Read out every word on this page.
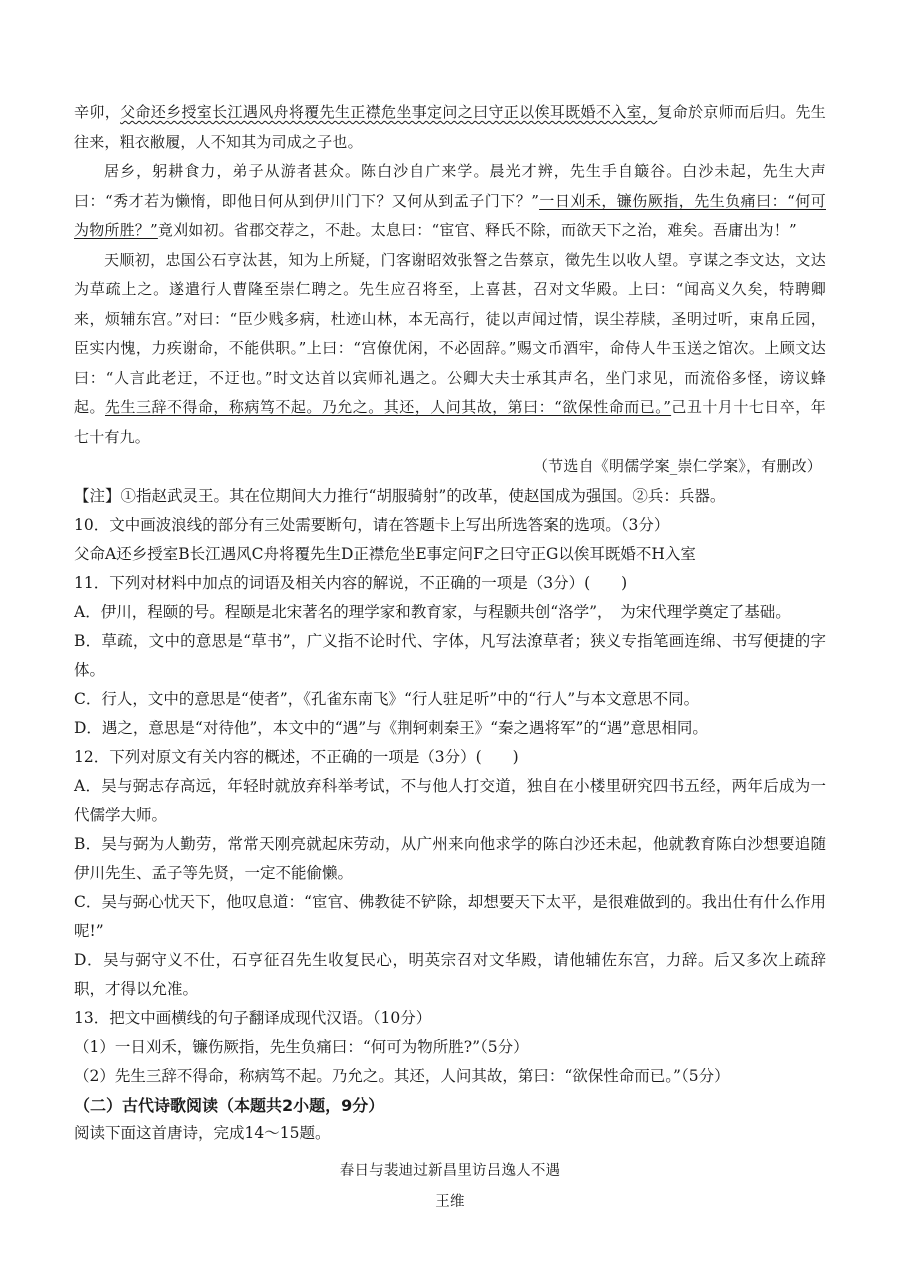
辛卯，父命还乡授室长江遇风舟将覆先生正襟危坐事定问之曰守正以俟耳既婚不入室，复命於京师而后归。先生往来，粗衣敝履，人不知其为司成之子也。

居乡，躬耕食力，弟子从游者甚众。陈白沙自广来学。晨光才辨，先生手自簸谷。白沙未起，先生大声曰：“秀才若为懒惰，即他日何从到伊川门下？又何从到孟子门下？”一日刈禾，镰伤厥指，先生负痛曰：“何可为物所胜？”竟刈如初。省郡交荐之，不赴。太息曰：“宦官、释氏不除，而欲天下之治，难矣。吾庸出为！”

天顺初，忠国公石亨汰甚，知为上所疑，门客谢昭效张詧之告蔡京，徵先生以收人望。亨谋之李文达，文达为草疏上之。遂遣行人曹隆至崇仁聘之。先生应召将至，上喜甚，召对文华殿。上曰：“闻高义久矣，特聘卿来，烦辅东宫。”对曰：“臣少贱多病，杜迹山林，本无高行，徒以声闻过情，误尘荐牍，圣明过听，束帛丘园，臣实内愧，力疾谢命，不能供职。”上曰：“宫僚优闲，不必固辞。”赐文币酒牢，命侍人牛玉送之馆次。上顾文达曰：“人言此老迂，不迂也。”时文达首以宾师礼遇之。公卿大夫士承其声名，坐门求见，而流俗多怪，谤议蜂起。先生三辞不得命，称病笃不起。乃允之。其还，人问其故，第曰：“欲保性命而已。”己丑十月十七日卒，年七十有九。

（节选自《明儒学案_崇仁学案》，有删改）

【注】①指赵武灵王。其在位期间大力推行“胡服骑射”的改革，使赵国成为强国。②兵：兵器。

10．文中画波浪线的部分有三处需要断句，请在答题卡上写出所选答案的选项。（3分）

父命A还乡授室B长江遇风C舟将覆先生D正襟危坐E事定问F之曰守正G以俟耳既婚不H入室

11．下列对材料中加点的词语及相关内容的解说，不正确的一项是（3分）(　　)

A．伊川，程颐的号。程颐是北宋著名的理学家和教育家，与程颢共创“洛学”，　为宋代理学奠定了基础。

B．草疏，文中的意思是“草书”，广义指不论时代、字体，凡写法潦草者；狭义专指笔画连绵、书写便捷的字体。

C．行人，文中的意思是“使者”，《孔雀东南飞》“行人驻足听”中的“行人”与本文意思不同。

D．遇之，意思是“对待他”，本文中的“遇”与《荆轲刺秦王》“秦之遇将军”的“遇”意思相同。

12．下列对原文有关内容的概述，不正确的一项是（3分）(　　)

A．吴与弼志存高远，年轻时就放弃科举考试，不与他人打交道，独自在小楼里研究四书五经，两年后成为一代儒学大师。

B．吴与弼为人勤劳，常常天刚亮就起床劳动，从广州来向他求学的陈白沙还未起，他就教育陈白沙想要追随伊川先生、孟子等先贤，一定不能偷懒。

C．吴与弼心忧天下，他叹息道：“宦官、佛教徒不铲除，却想要天下太平，是很难做到的。我出仕有什么作用呢!”

D．吴与弼守义不仕，石亨征召先生收复民心，明英宗召对文华殿，请他辅佐东宫，力辞。后又多次上疏辞职，才得以允准。

13．把文中画横线的句子翻译成现代汉语。（10分）

（1）一日刈禾，镰伤厥指，先生负痛曰：“何可为物所胜?”（5分）

（2）先生三辞不得命，称病笃不起。乃允之。其还，人问其故，第曰：“欲保性命而已。”（5分）

（二）古代诗歌阅读（本题共2小题，9分）

阅读下面这首唐诗，完成14～15题。

春日与裴迪过新昌里访吕逸人不遇
王维
